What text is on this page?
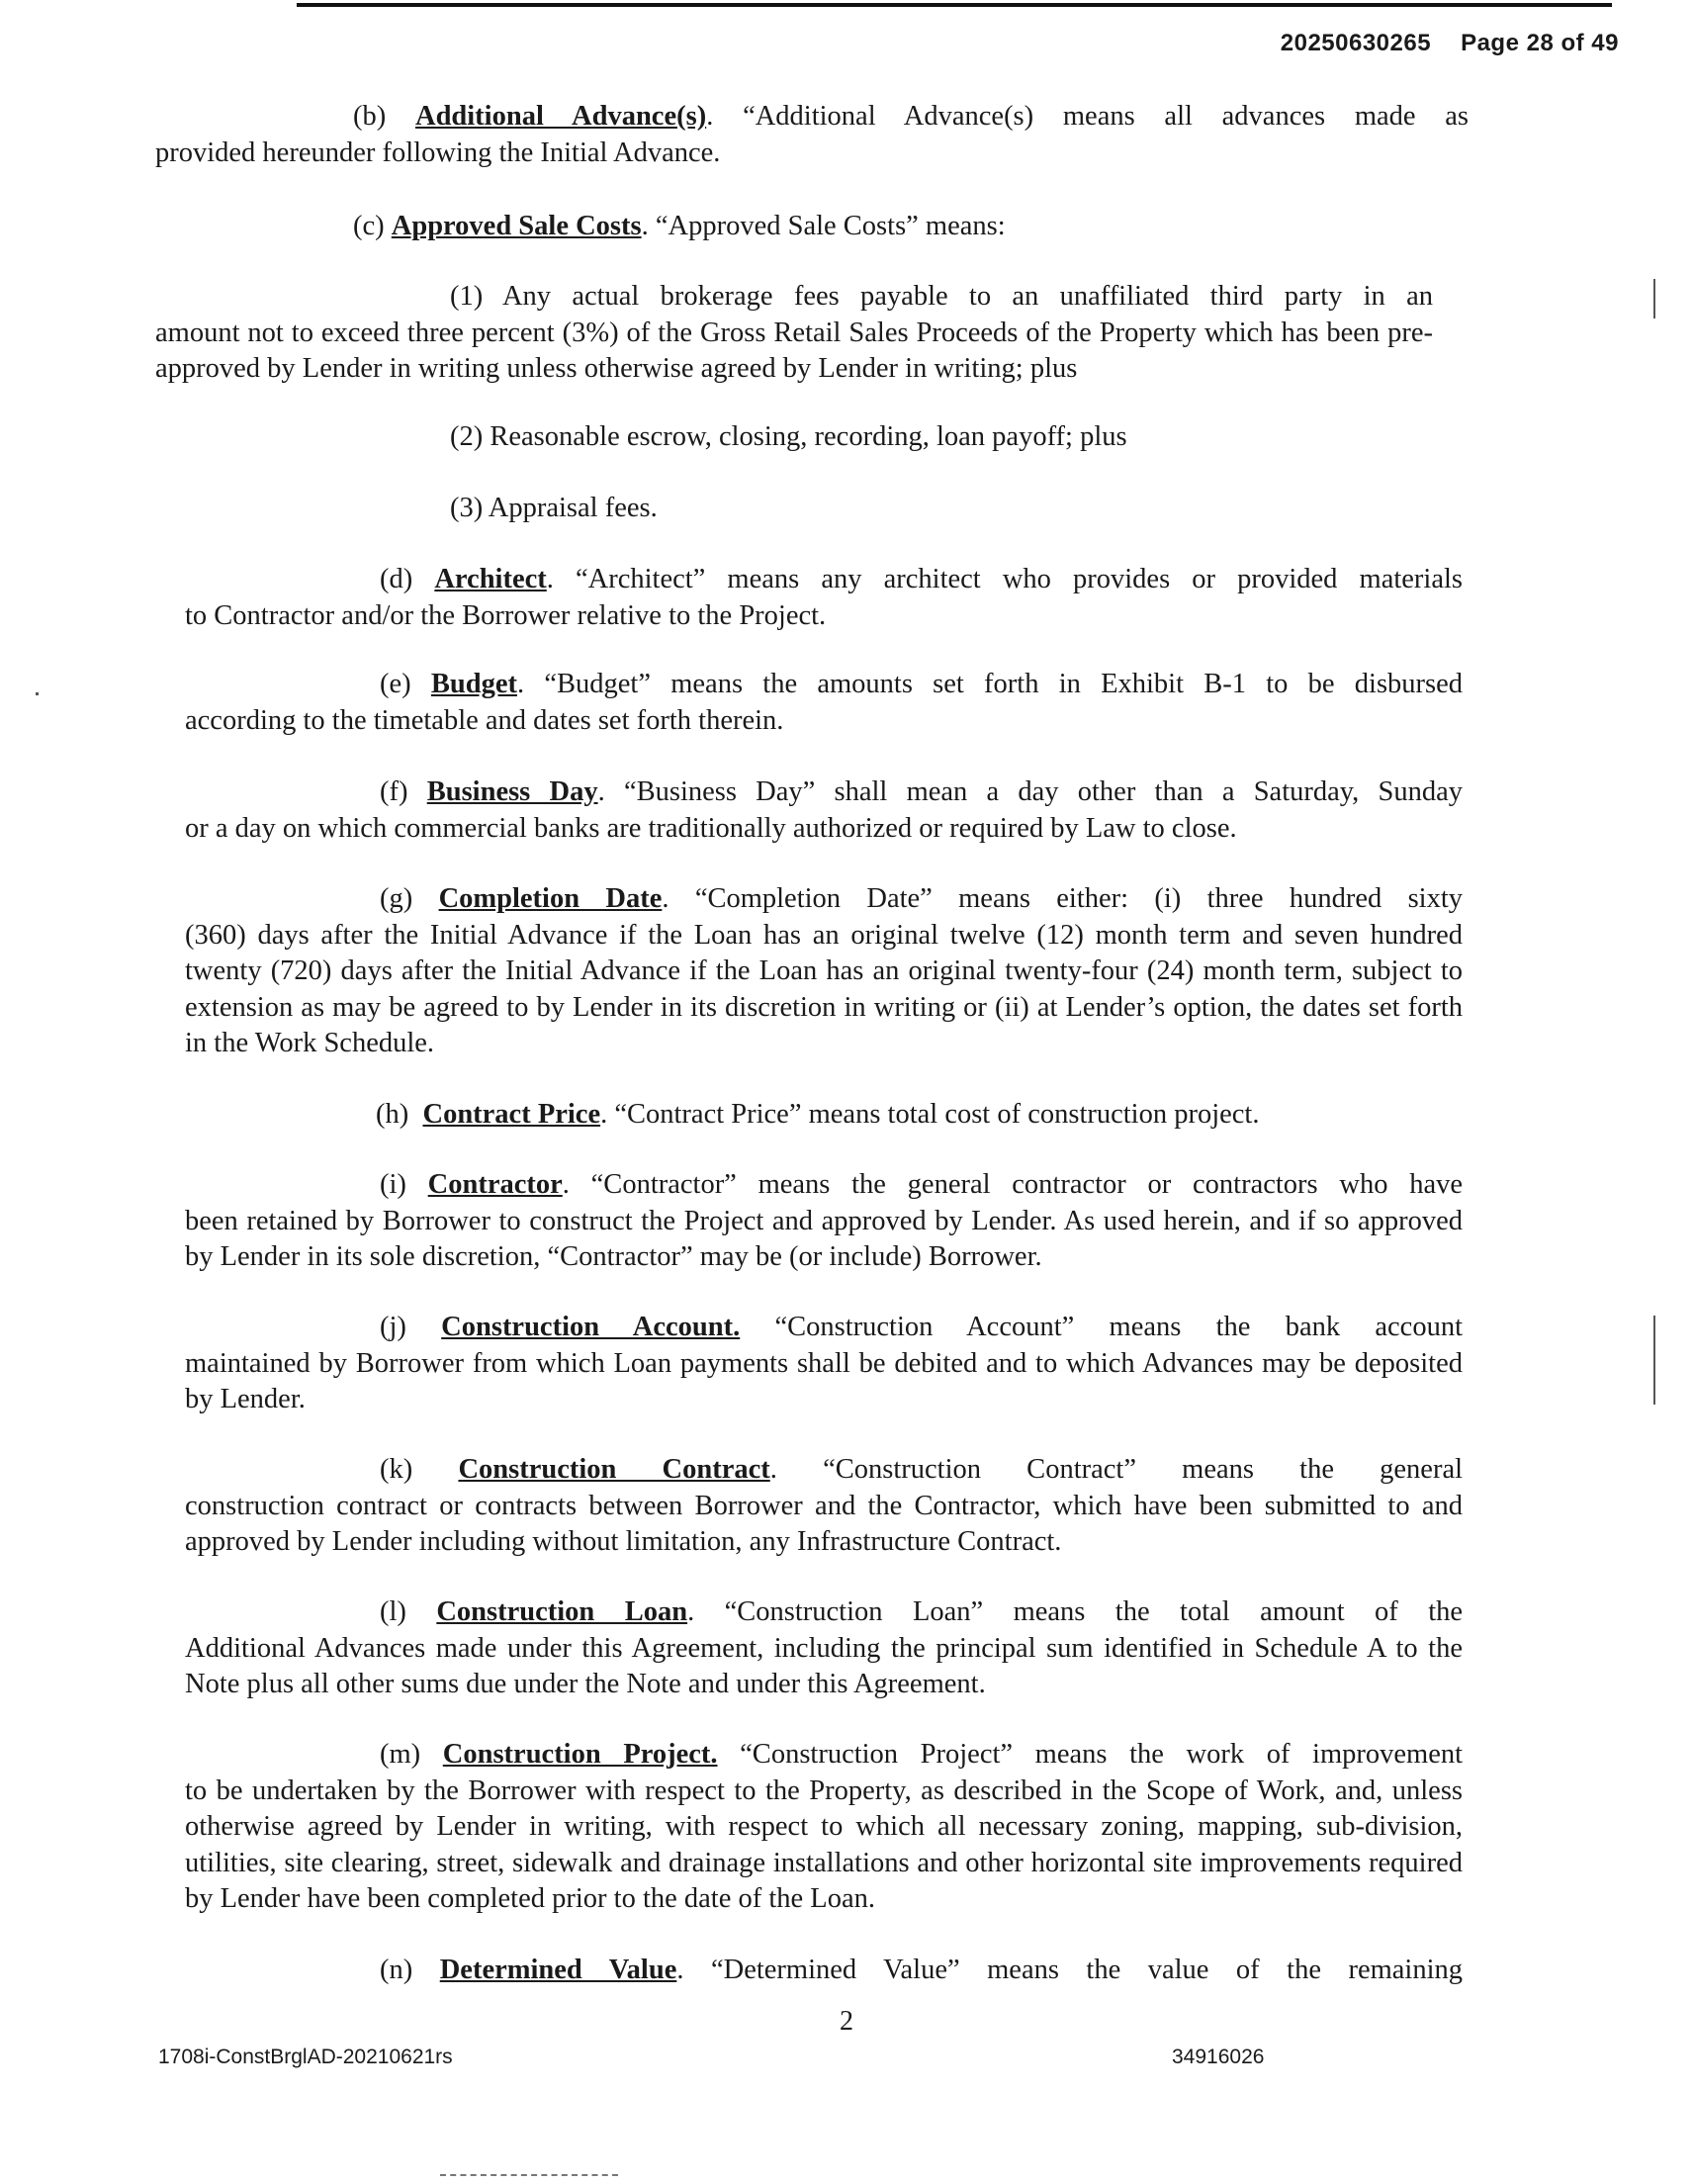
20250630265 Page 28 of 49
(b) Additional Advance(s). “Additional Advance(s) means all advances made as
provided hereunder following the Initial Advance.
(c) Approved Sale Costs. “Approved Sale Costs” means:
(1) Any actual brokerage fees payable to an unaffiliated third party in an
amount not to exceed three percent (3%) of the Gross Retail Sales Proceeds of the Property which has been pre-approved by Lender in writing unless otherwise agreed by Lender in writing; plus
(2) Reasonable escrow, closing, recording, loan payoff; plus
(3) Appraisal fees.
(d) Architect. “Architect” means any architect who provides or provided materials
to Contractor and/or the Borrower relative to the Project.
(e) Budget. “Budget” means the amounts set forth in Exhibit B-1 to be disbursed
according to the timetable and dates set forth therein.
(f) Business Day. “Business Day” shall mean a day other than a Saturday, Sunday
or a day on which commercial banks are traditionally authorized or required by Law to close.
(g) Completion Date. “Completion Date” means either: (i) three hundred sixty
(360) days after the Initial Advance if the Loan has an original twelve (12) month term and seven hundred twenty (720) days after the Initial Advance if the Loan has an original twenty-four (24) month term, subject to extension as may be agreed to by Lender in its discretion in writing or (ii) at Lender’s option, the dates set forth in the Work Schedule.
(h) Contract Price. “Contract Price” means total cost of construction project.
(i) Contractor. “Contractor” means the general contractor or contractors who have
been retained by Borrower to construct the Project and approved by Lender. As used herein, and if so approved by Lender in its sole discretion, “Contractor” may be (or include) Borrower.
(j) Construction Account. “Construction Account” means the bank account
maintained by Borrower from which Loan payments shall be debited and to which Advances may be deposited by Lender.
(k) Construction Contract. “Construction Contract” means the general
construction contract or contracts between Borrower and the Contractor, which have been submitted to and approved by Lender including without limitation, any Infrastructure Contract.
(l) Construction Loan. “Construction Loan” means the total amount of the
Additional Advances made under this Agreement, including the principal sum identified in Schedule A to the Note plus all other sums due under the Note and under this Agreement.
(m) Construction Project. “Construction Project” means the work of improvement
to be undertaken by the Borrower with respect to the Property, as described in the Scope of Work, and, unless otherwise agreed by Lender in writing, with respect to which all necessary zoning, mapping, sub-division, utilities, site clearing, street, sidewalk and drainage installations and other horizontal site improvements required by Lender have been completed prior to the date of the Loan.
(n) Determined Value. “Determined Value” means the value of the remaining
2
1708i-ConstBrglAD-20210621rs	34916026
